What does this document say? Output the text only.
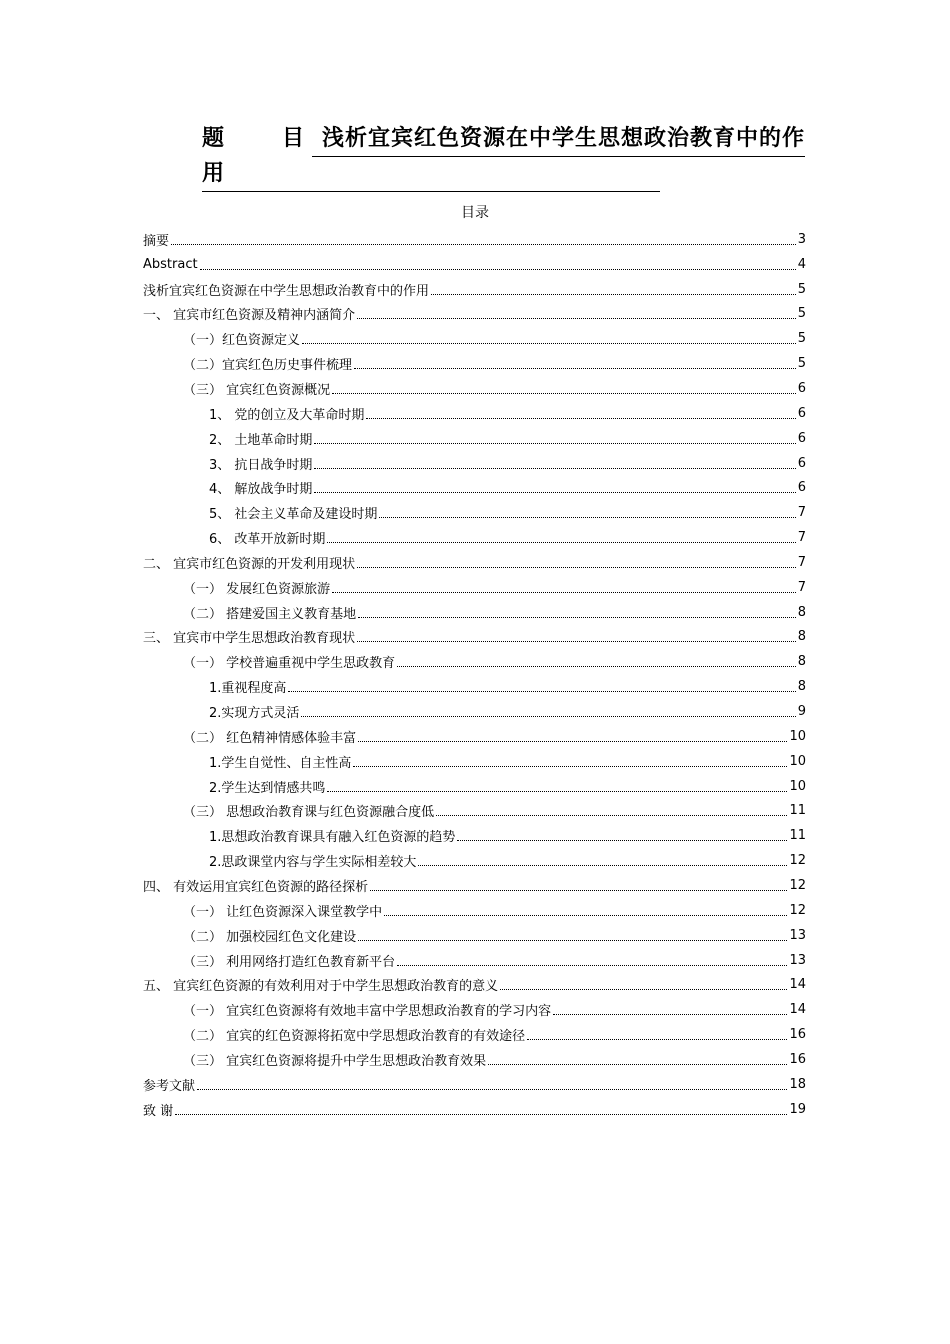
题	目 浅析宜宾红色资源在中学生思想政治教育中的作
用
目录
摘要	3
Abstract	4
浅析宜宾红色资源在中学生思想政治教育中的作用	5
一、 宜宾市红色资源及精神内涵简介	5
（一）红色资源定义	5
（二）宜宾红色历史事件梳理	5
（三） 宜宾红色资源概况	6
1、 党的创立及大革命时期	6
2、 土地革命时期	6
3、 抗日战争时期	6
4、 解放战争时期	6
5、 社会主义革命及建设时期	7
6、 改革开放新时期	7
二、 宜宾市红色资源的开发利用现状	7
（一） 发展红色资源旅游	7
（二） 搭建爱国主义教育基地	8
三、 宜宾市中学生思想政治教育现状	8
（一） 学校普遍重视中学生思政教育	8
1.重视程度高	8
2.实现方式灵活	9
（二） 红色精神情感体验丰富	10
1.学生自觉性、自主性高	10
2.学生达到情感共鸣	10
（三） 思想政治教育课与红色资源融合度低	11
1.思想政治教育课具有融入红色资源的趋势	11
2.思政课堂内容与学生实际相差较大	12
四、 有效运用宜宾红色资源的路径探析	12
（一） 让红色资源深入课堂教学中	12
（二） 加强校园红色文化建设	13
（三） 利用网络打造红色教育新平台	13
五、 宜宾红色资源的有效利用对于中学生思想政治教育的意义	14
（一） 宜宾红色资源将有效地丰富中学思想政治教育的学习内容	14
（二） 宜宾的红色资源将拓宽中学思想政治教育的有效途径	16
（三） 宜宾红色资源将提升中学生思想政治教育效果	16
参考文献	18
致 谢	19
